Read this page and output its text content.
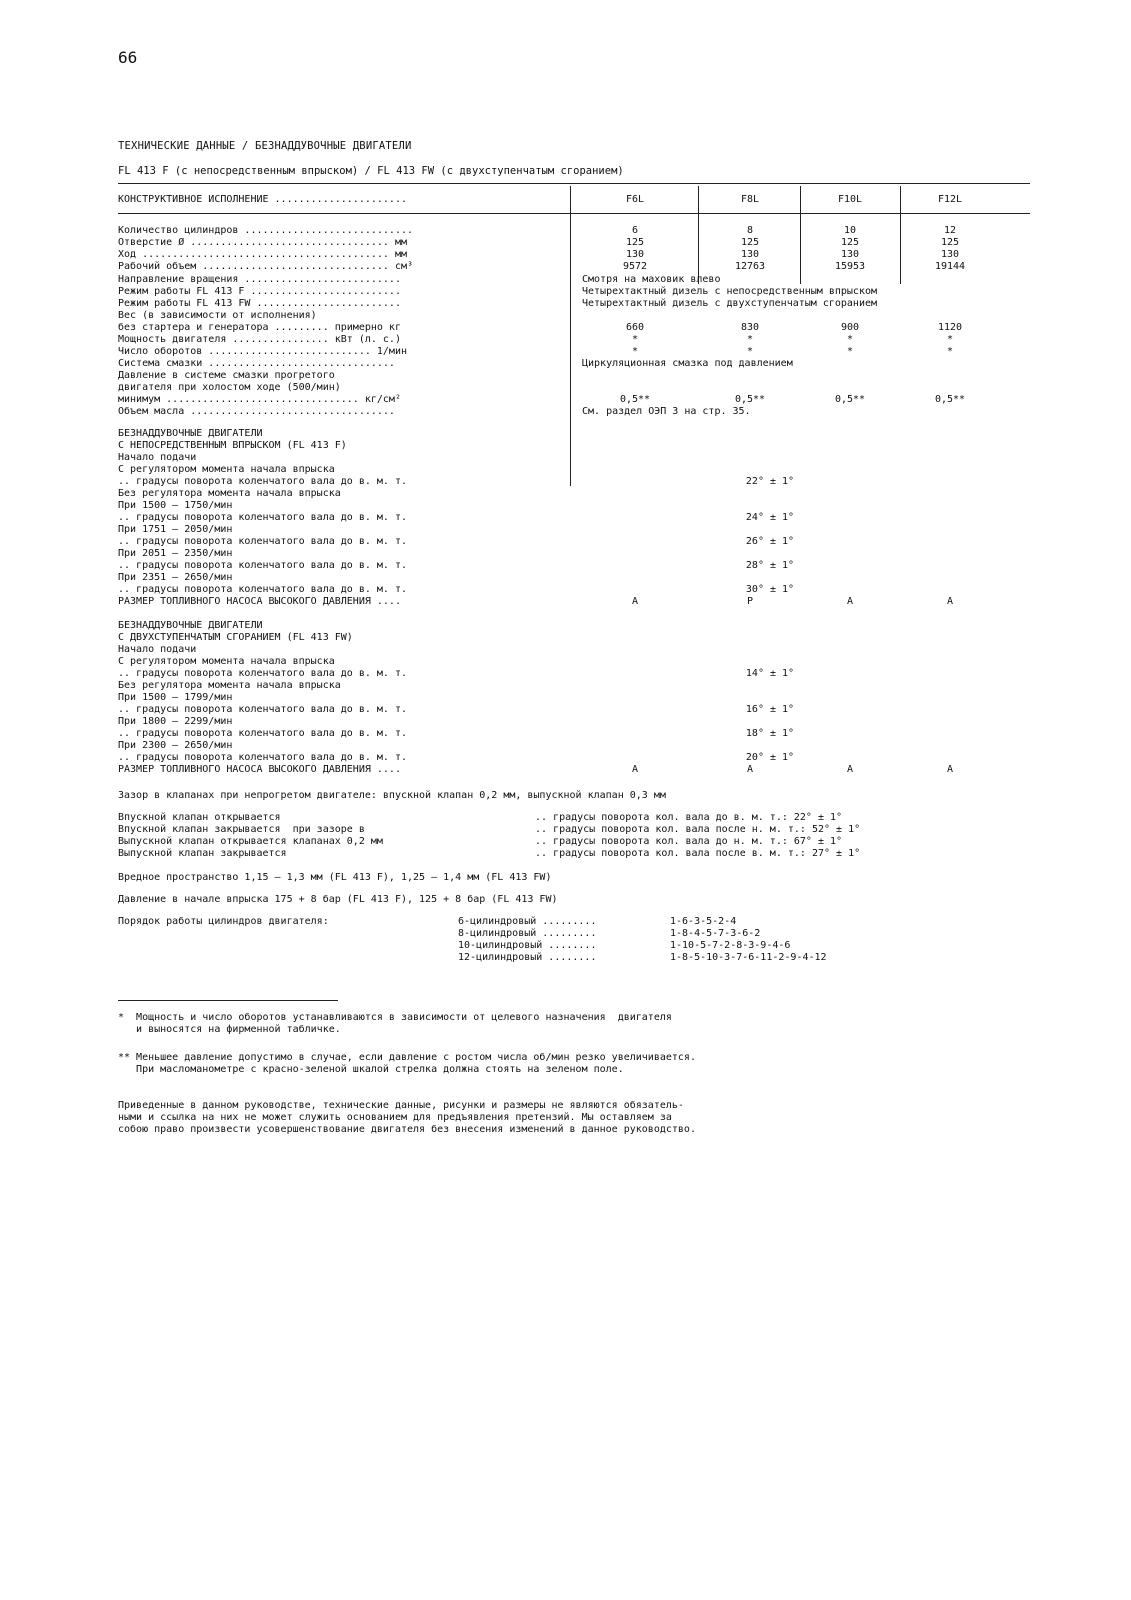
66
ТЕХНИЧЕСКИЕ ДАННЫЕ / БЕЗНАДДУВОЧНЫЕ ДВИГАТЕЛИ
FL 413 F (с непосредственным впрыском) / FL 413 FW (с двухступенчатым сгоранием)
КОНСТРУКТИВНОЕ ИСПОЛНЕНИЕ ......................	F6L	F8L	F10L	F12L
Количество цилиндров ............................	6	8	10	12
Отверстие Ø ................................. мм	125	125	125	125
Ход ......................................... мм	130	130	130	130
Рабочий объем ............................... см³	9572	12763	15953	19144
Направление вращения ..........................	Смотря на маховик влево
Режим работы FL 413 F .........................	Четырехтактный дизель с непосредственным впрыском
Режим работы FL 413 FW ........................	Четырехтактный дизель с двухступенчатым сгоранием
Вес (в зависимости от исполнения)
без стартера и генератора ......... примерно кг	660	830	900	1120
Мощность двигателя ................ кВт (л. с.)	*	*	*	*
Число оборотов ........................... 1/мин	*	*	*	*
Система смазки ...............................	Циркуляционная смазка под давлением
Давление в системе смазки прогретого
двигателя при холостом ходе (500/мин)
минимум ................................ кг/см²	0,5**	0,5**	0,5**	0,5**
Объем масла ..................................	См. раздел ОЭП 3 на стр. 35.
БЕЗНАДДУВОЧНЫЕ ДВИГАТЕЛИ
С НЕПОСРЕДСТВЕННЫМ ВПРЫСКОМ (FL 413 F)
Начало подачи
С регулятором момента начала впрыска
.. градусы поворота коленчатого вала до в. м. т.	22° ± 1°
Без регулятора момента начала впрыска
При 1500 – 1750/мин
.. градусы поворота коленчатого вала до в. м. т.	24° ± 1°
При 1751 – 2050/мин
.. градусы поворота коленчатого вала до в. м. т.	26° ± 1°
При 2051 – 2350/мин
.. градусы поворота коленчатого вала до в. м. т.	28° ± 1°
При 2351 – 2650/мин
.. градусы поворота коленчатого вала до в. м. т.	30° ± 1°
РАЗМЕР ТОПЛИВНОГО НАСОСА ВЫСОКОГО ДАВЛЕНИЯ ....	A	P	A	A
БЕЗНАДДУВОЧНЫЕ ДВИГАТЕЛИ
С ДВУХСТУПЕНЧАТЫМ СГОРАНИЕМ (FL 413 FW)
Начало подачи
С регулятором момента начала впрыска
.. градусы поворота коленчатого вала до в. м. т.	14° ± 1°
Без регулятора момента начала впрыска
При 1500 – 1799/мин
.. градусы поворота коленчатого вала до в. м. т.	16° ± 1°
При 1800 – 2299/мин
.. градусы поворота коленчатого вала до в. м. т.	18° ± 1°
При 2300 – 2650/мин
.. градусы поворота коленчатого вала до в. м. т.	20° ± 1°
РАЗМЕР ТОПЛИВНОГО НАСОСА ВЫСОКОГО ДАВЛЕНИЯ ....	A	A	A	A
Зазор в клапанах при непрогретом двигателе: впускной клапан 0,2 мм, выпускной клапан 0,3 мм
Впускной клапан открывается	.. градусы поворота кол. вала до в. м. т.: 22° ± 1°
Впускной клапан закрывается  при зазоре в	.. градусы поворота кол. вала после н. м. т.: 52° ± 1°
Выпускной клапан открывается клапанах 0,2 мм	.. градусы поворота кол. вала до н. м. т.: 67° ± 1°
Выпускной клапан закрывается	.. градусы поворота кол. вала после в. м. т.: 27° ± 1°
Вредное пространство 1,15 – 1,3 мм (FL 413 F), 1,25 – 1,4 мм (FL 413 FW)
Давление в начале впрыска 175 + 8 бар (FL 413 F), 125 + 8 бар (FL 413 FW)
Порядок работы цилиндров двигателя:	6-цилиндровый .........	1-6-3-5-2-4
8-цилиндровый .........	1-8-4-5-7-3-6-2
10-цилиндровый ........	1-10-5-7-2-8-3-9-4-6
12-цилиндровый ........	1-8-5-10-3-7-6-11-2-9-4-12
*  Мощность и число оборотов устанавливаются в зависимости от целевого назначения  двигателя
и выносятся на фирменной табличке.
** Меньшее давление допустимо в случае, если давление с ростом числа об/мин резко увеличивается.
При масломанометре с красно-зеленой шкалой стрелка должна стоять на зеленом поле.
Приведенные в данном руководстве, технические данные, рисунки и размеры не являются обязатель-
ными и ссылка на них не может служить основанием для предъявления претензий. Мы оставляем за
собою право произвести усовершенствование двигателя без внесения изменений в данное руководство.
